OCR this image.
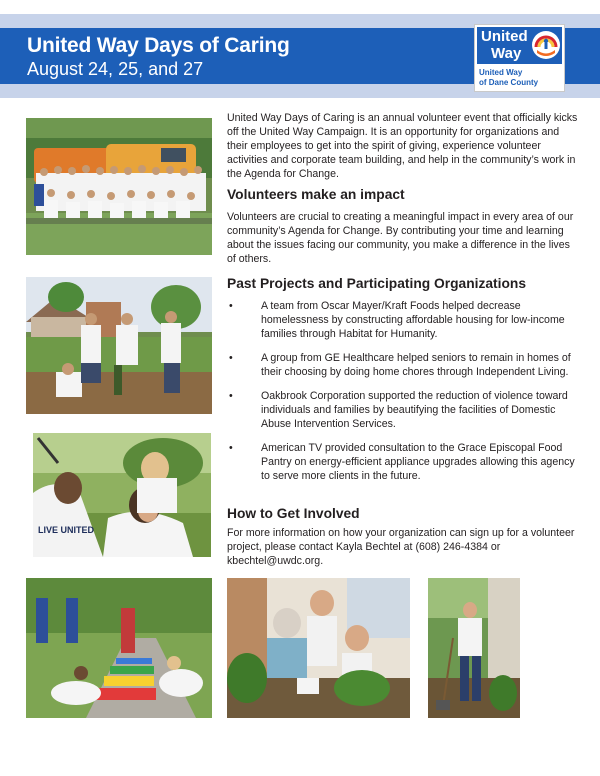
United Way Days of Caring
August 24, 25, and 27
United
Way
United Way
of Dane County
LIVE UNITED

United Way Days of Caring is an annual volunteer event that officially kicks off the United Way Campaign. It is an opportunity for organizations and their employees to get into the spirit of giving, experience volunteer activities and corporate team building, and help in the community’s work in the Agenda for Change.

Volunteers make an impact

Volunteers are crucial to creating a meaningful impact in every area of our community’s Agenda for Change. By contributing your time and learning about the issues facing our community, you make a difference in the lives of others.

Past Projects and Participating Organizations
•	A team from Oscar Mayer/Kraft Foods helped decrease homelessness by constructing affordable housing for low-income families through Habitat for Humanity.
•	A group from GE Healthcare helped seniors to remain in homes of their choosing by doing home chores through Independent Living.
•	Oakbrook Corporation supported the reduction of violence toward individuals and families by beautifying the facilities of Domestic Abuse Intervention Services.
•	American TV provided consultation to the Grace Episcopal Food Pantry on energy-efficient appliance upgrades allowing this agency to serve more clients in the future.
How to Get Involved

For more information on how your organization can sign up for a volunteer project, please contact Kayla Bechtel at (608) 246-4384 or kbechtel@uwdc.org.
